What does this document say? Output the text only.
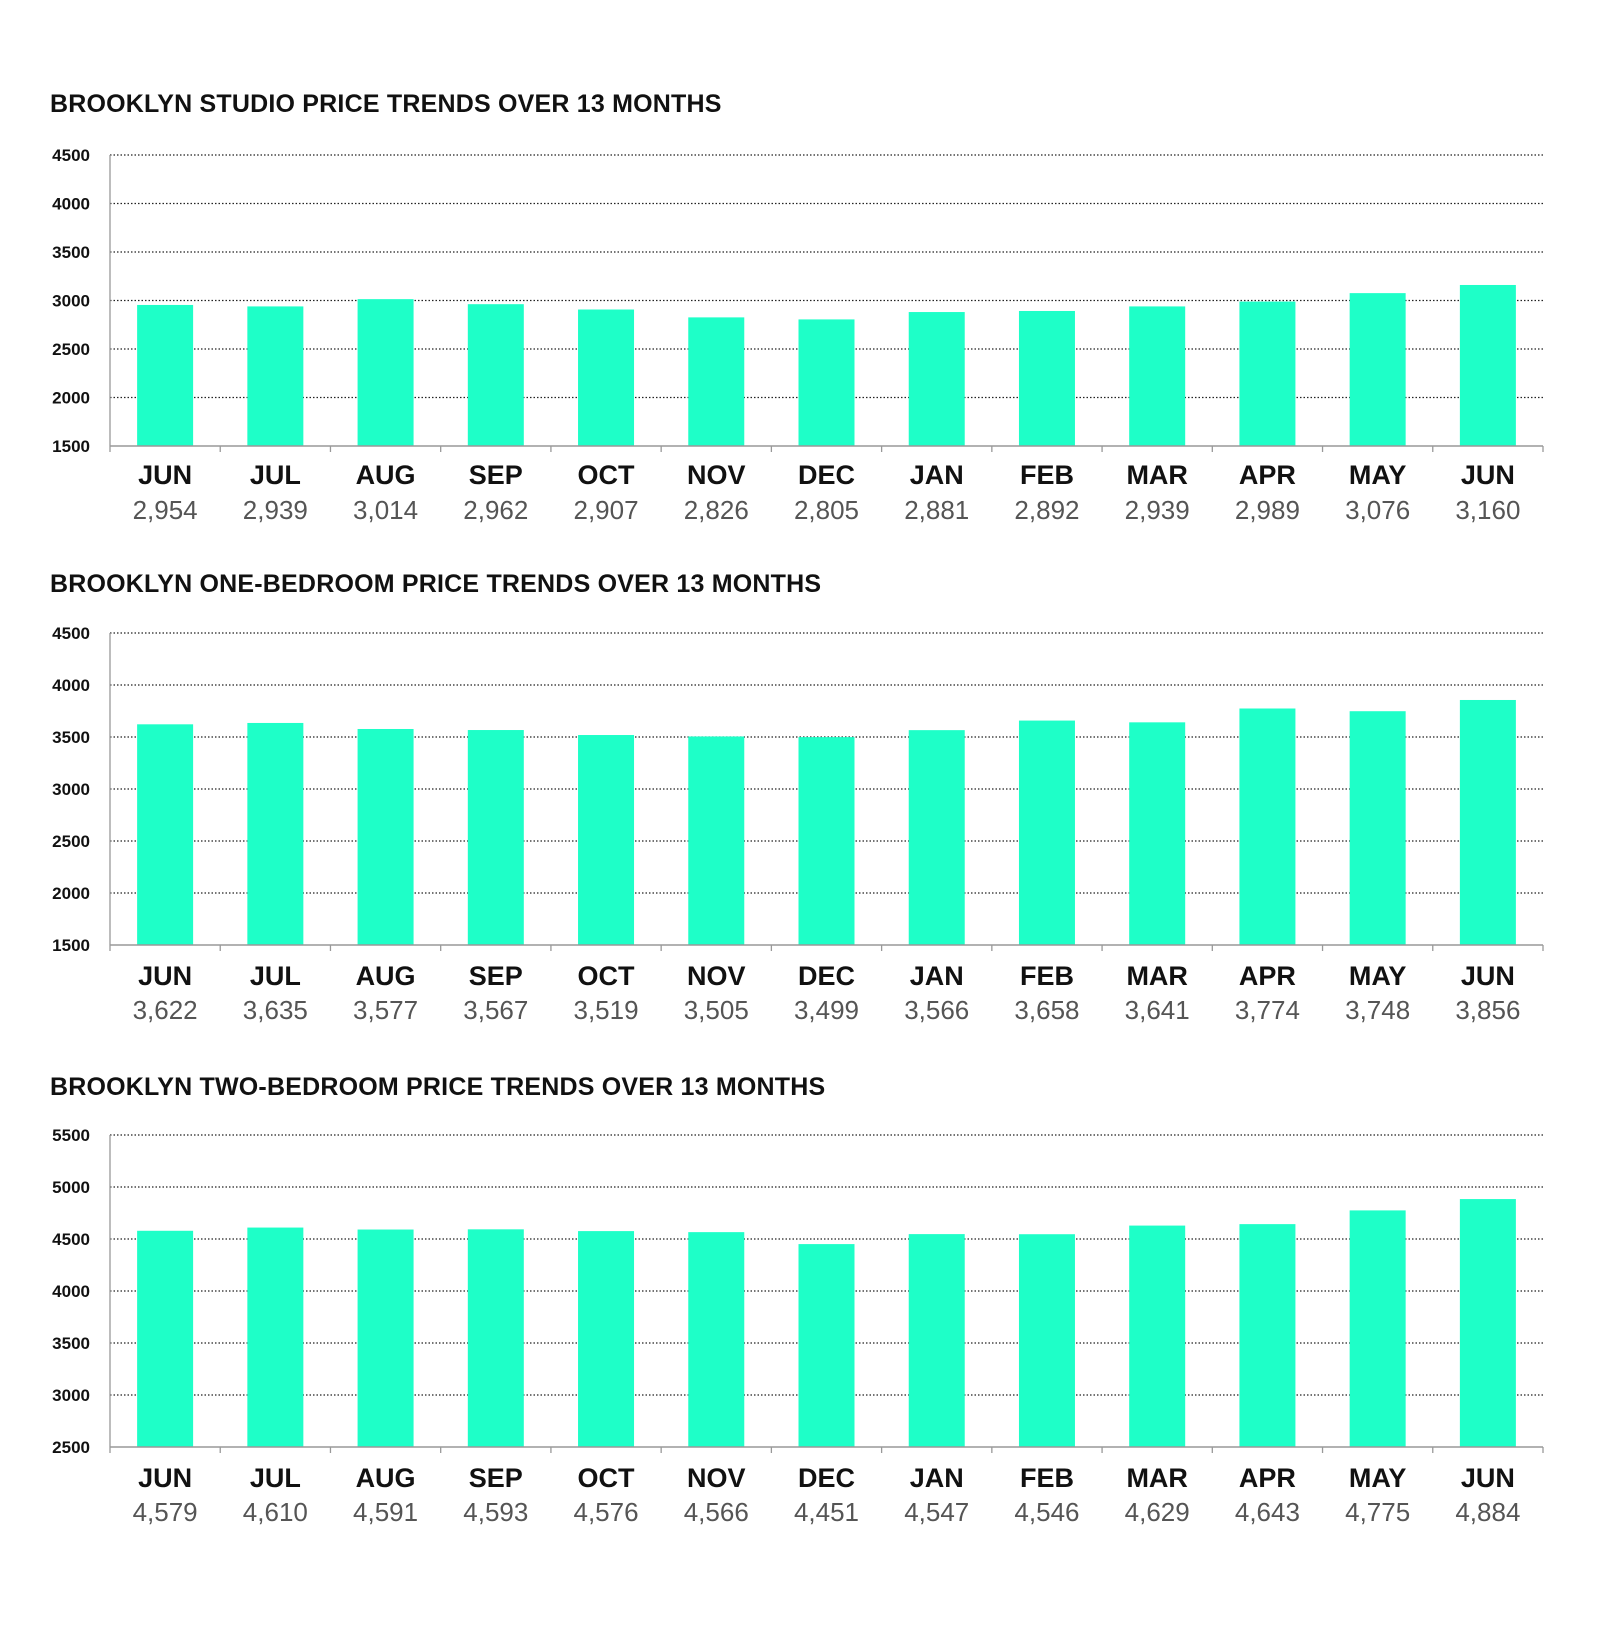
BROOKLYN STUDIO PRICE TRENDS OVER 13 MONTHS
4500
4000
3500
3000
2500
2000
1500
JUN
2,954
JUL
2,939
AUG
3,014
SEP
2,962
OCT
2,907
NOV
2,826
DEC
2,805
JAN
2,881
FEB
2,892
MAR
2,939
APR
2,989
MAY
3,076
JUN
3,160
BROOKLYN ONE-BEDROOM PRICE TRENDS OVER 13 MONTHS
4500
4000
3500
3000
2500
2000
1500
JUN
3,622
JUL
3,635
AUG
3,577
SEP
3,567
OCT
3,519
NOV
3,505
DEC
3,499
JAN
3,566
FEB
3,658
MAR
3,641
APR
3,774
MAY
3,748
JUN
3,856
BROOKLYN TWO-BEDROOM PRICE TRENDS OVER 13 MONTHS
5500
5000
4500
4000
3500
3000
2500
JUN
4,579
JUL
4,610
AUG
4,591
SEP
4,593
OCT
4,576
NOV
4,566
DEC
4,451
JAN
4,547
FEB
4,546
MAR
4,629
APR
4,643
MAY
4,775
JUN
4,884
